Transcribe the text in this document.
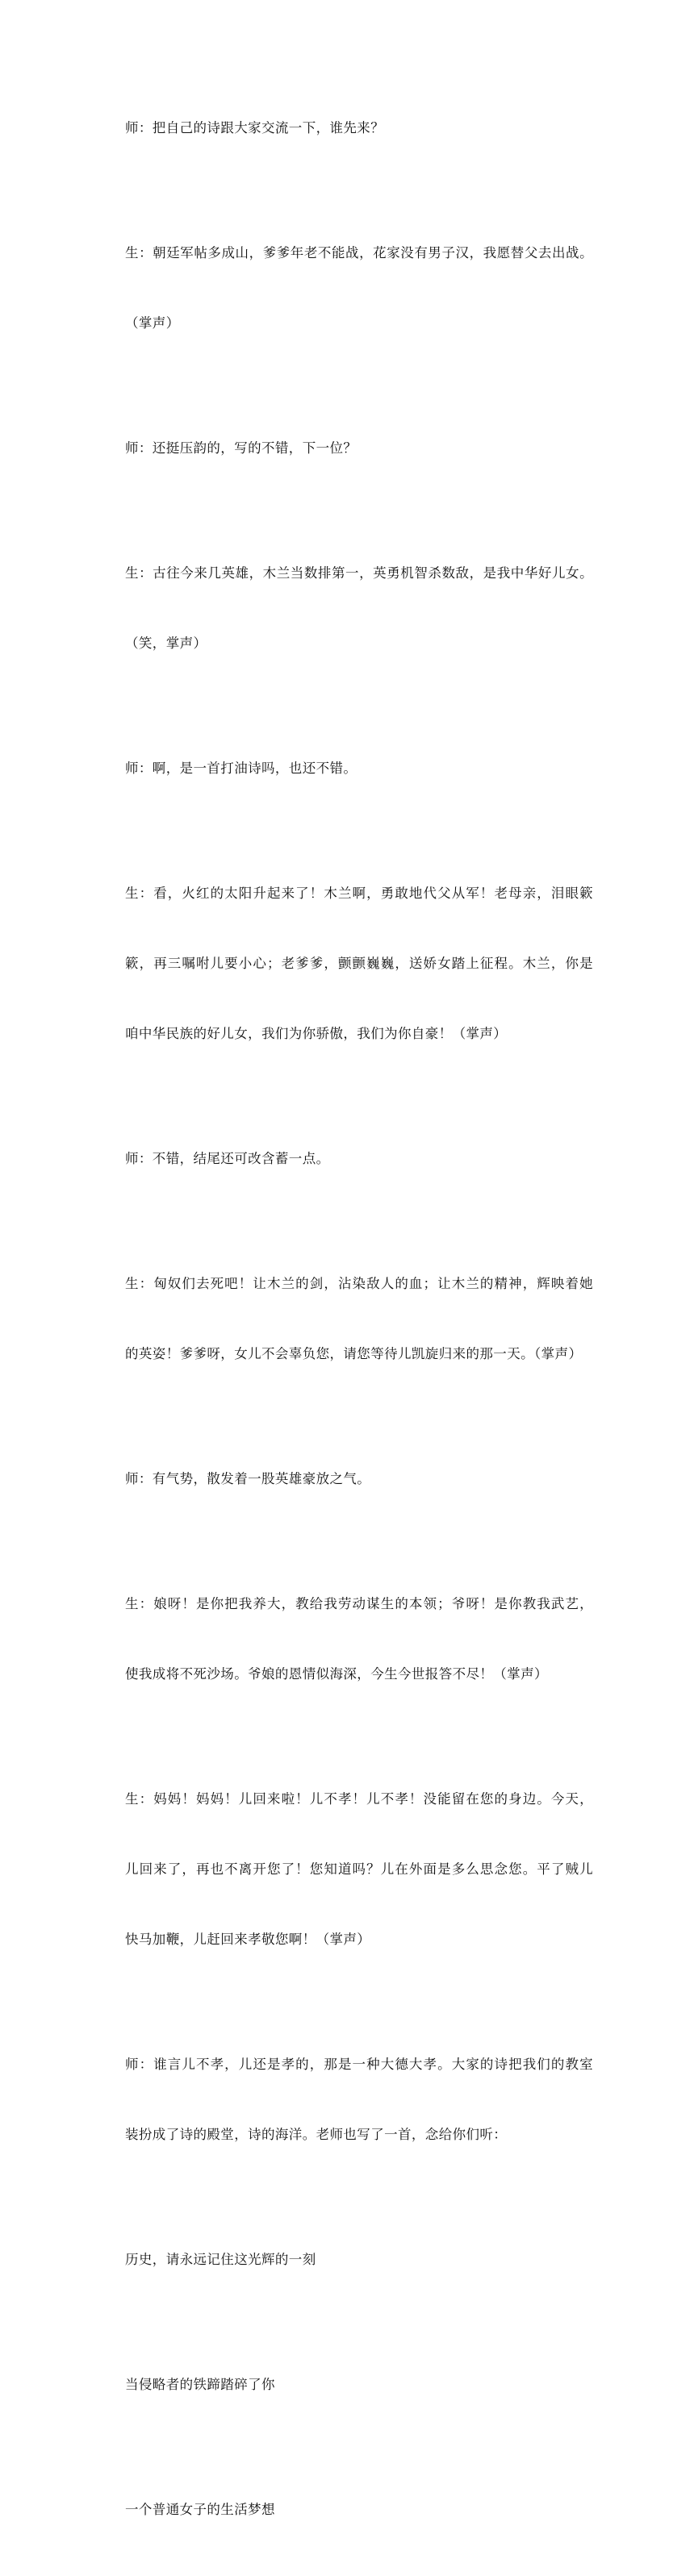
师：把自己的诗跟大家交流一下，谁先来？

生：朝廷军帖多成山，爹爹年老不能战，花家没有男子汉，我愿替父去出战。

（掌声）

师：还挺压韵的，写的不错，下一位？

生：古往今来几英雄，木兰当数排第一，英勇机智杀数敌，是我中华好儿女。

（笑，掌声）

师：啊，是一首打油诗吗，也还不错。

生：看，火红的太阳升起来了！木兰啊，勇敢地代父从军！老母亲，泪眼簌

簌，再三嘱咐儿要小心；老爹爹，颤颤巍巍，送娇女踏上征程。木兰，你是

咱中华民族的好儿女，我们为你骄傲，我们为你自豪！（掌声）

师：不错，结尾还可改含蓄一点。

生：匈奴们去死吧！让木兰的剑，沾染敌人的血；让木兰的精神，辉映着她

的英姿！爹爹呀，女儿不会辜负您，请您等待儿凯旋归来的那一天。（掌声）

师：有气势，散发着一股英雄豪放之气。

生：娘呀！是你把我养大，教给我劳动谋生的本领；爷呀！是你教我武艺，

使我成将不死沙场。爷娘的恩情似海深，今生今世报答不尽！（掌声）

生：妈妈！妈妈！儿回来啦！儿不孝！儿不孝！没能留在您的身边。今天，

儿回来了，再也不离开您了！您知道吗？儿在外面是多么思念您。平了贼儿

快马加鞭，儿赶回来孝敬您啊！（掌声）

师：谁言儿不孝，儿还是孝的，那是一种大德大孝。大家的诗把我们的教室

装扮成了诗的殿堂，诗的海洋。老师也写了一首，念给你们听：

历史，请永远记住这光辉的一刻

当侵略者的铁蹄踏碎了你

一个普通女子的生活梦想
